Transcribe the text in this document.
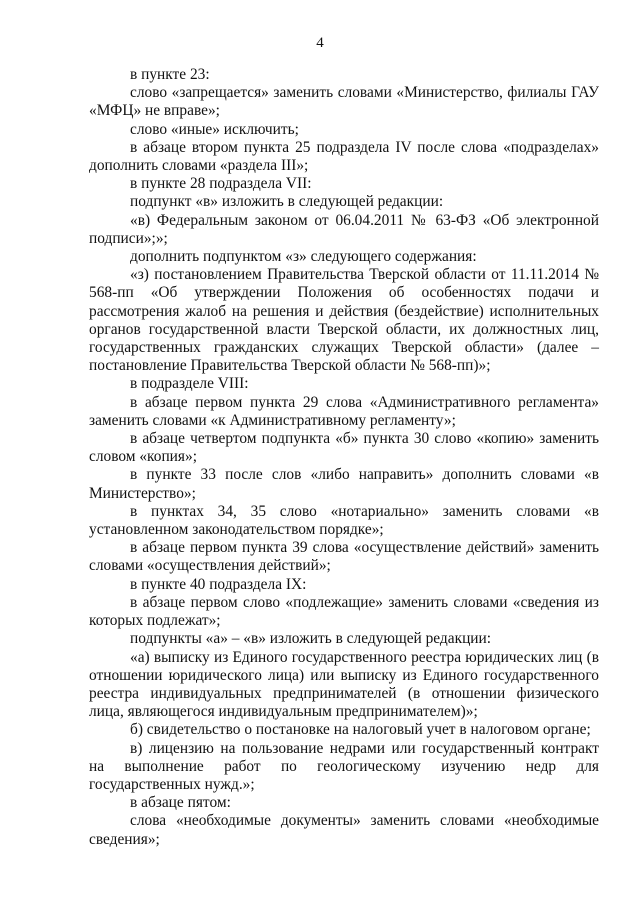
4

в пункте 23:

слово «запрещается» заменить словами «Министерство, филиалы ГАУ «МФЦ» не вправе»;

слово «иные» исключить;

в абзаце втором пункта 25 подраздела IV после слова «подразделах» дополнить словами «раздела III»;

в пункте 28 подраздела VII:

подпункт «в» изложить в следующей редакции:

«в) Федеральным законом от 06.04.2011 № 63-ФЗ «Об электронной подписи»;»;

дополнить подпунктом «з» следующего содержания:

«з) постановлением Правительства Тверской области от 11.11.2014 № 568-пп «Об утверждении Положения об особенностях подачи и рассмотрения жалоб на решения и действия (бездействие) исполнительных органов государственной власти Тверской области, их должностных лиц, государственных гражданских служащих Тверской области» (далее – постановление Правительства Тверской области № 568-пп)»;

в подразделе VIII:

в абзаце первом пункта 29 слова «Административного регламента» заменить словами «к Административному регламенту»;

в абзаце четвертом подпункта «б» пункта 30 слово «копию» заменить словом «копия»;

в пункте 33 после слов «либо направить» дополнить словами «в Министерство»;

в пунктах 34, 35 слово «нотариально» заменить словами «в установленном законодательством порядке»;

в абзаце первом пункта 39 слова «осуществление действий» заменить словами «осуществления действий»;

в пункте 40 подраздела IX:

в абзаце первом слово «подлежащие» заменить словами «сведения из которых подлежат»;

подпункты «а» – «в» изложить в следующей редакции:

«а) выписку из Единого государственного реестра юридических лиц (в отношении юридического лица) или выписку из Единого государственного реестра индивидуальных предпринимателей (в отношении физического лица, являющегося индивидуальным предпринимателем)»;

б) свидетельство о постановке на налоговый учет в налоговом органе;

в) лицензию на пользование недрами или государственный контракт на выполнение работ по геологическому изучению недр для государственных нужд.»;

в абзаце пятом:

слова «необходимые документы» заменить словами «необходимые сведения»;
